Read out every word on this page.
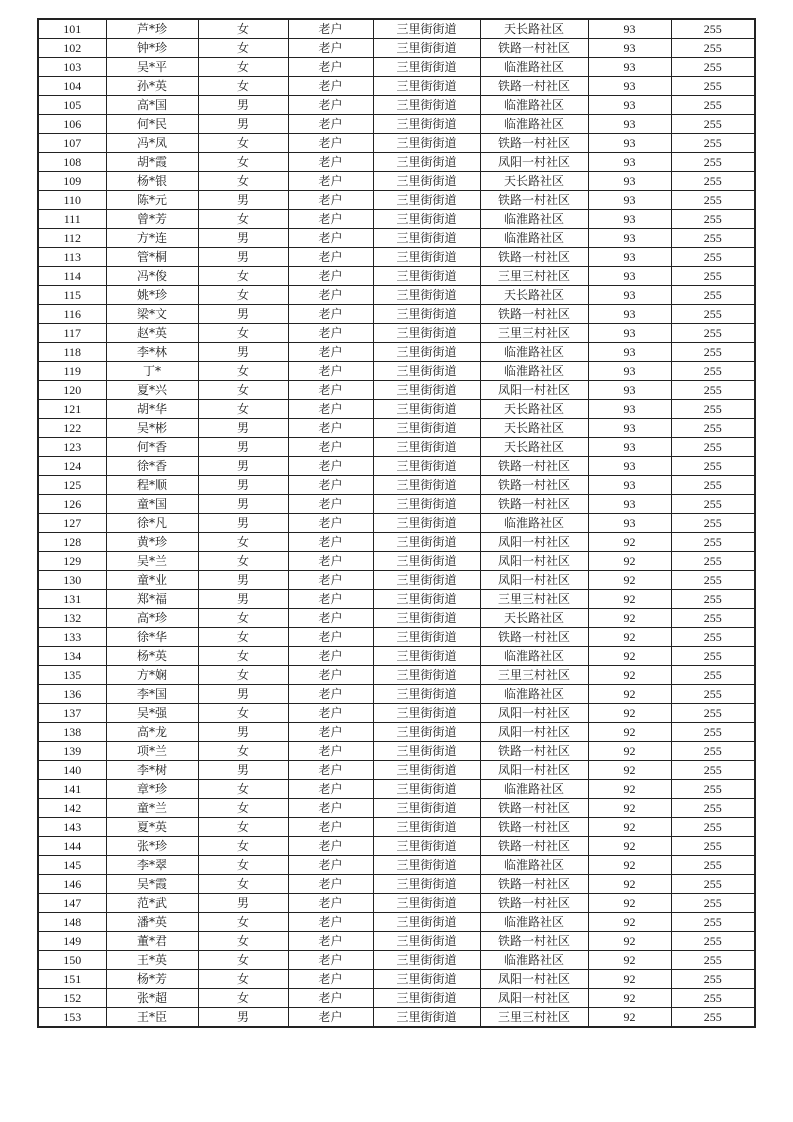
101	芦*珍	女	老户	三里街街道	天长路社区	93	255
102	钟*珍	女	老户	三里街街道	铁路一村社区	93	255
103	吴*平	女	老户	三里街街道	临淮路社区	93	255
104	孙*英	女	老户	三里街街道	铁路一村社区	93	255
105	高*国	男	老户	三里街街道	临淮路社区	93	255
106	何*民	男	老户	三里街街道	临淮路社区	93	255
107	冯*凤	女	老户	三里街街道	铁路一村社区	93	255
108	胡*霞	女	老户	三里街街道	凤阳一村社区	93	255
109	杨*银	女	老户	三里街街道	天长路社区	93	255
110	陈*元	男	老户	三里街街道	铁路一村社区	93	255
111	曾*芳	女	老户	三里街街道	临淮路社区	93	255
112	方*连	男	老户	三里街街道	临淮路社区	93	255
113	管*桐	男	老户	三里街街道	铁路一村社区	93	255
114	冯*俊	女	老户	三里街街道	三里三村社区	93	255
115	姚*珍	女	老户	三里街街道	天长路社区	93	255
116	梁*文	男	老户	三里街街道	铁路一村社区	93	255
117	赵*英	女	老户	三里街街道	三里三村社区	93	255
118	李*林	男	老户	三里街街道	临淮路社区	93	255
119	丁*	女	老户	三里街街道	临淮路社区	93	255
120	夏*兴	女	老户	三里街街道	凤阳一村社区	93	255
121	胡*华	女	老户	三里街街道	天长路社区	93	255
122	吴*彬	男	老户	三里街街道	天长路社区	93	255
123	何*香	男	老户	三里街街道	天长路社区	93	255
124	徐*香	男	老户	三里街街道	铁路一村社区	93	255
125	程*顺	男	老户	三里街街道	铁路一村社区	93	255
126	童*国	男	老户	三里街街道	铁路一村社区	93	255
127	徐*凡	男	老户	三里街街道	临淮路社区	93	255
128	黄*珍	女	老户	三里街街道	凤阳一村社区	92	255
129	吴*兰	女	老户	三里街街道	凤阳一村社区	92	255
130	童*业	男	老户	三里街街道	凤阳一村社区	92	255
131	郑*福	男	老户	三里街街道	三里三村社区	92	255
132	高*珍	女	老户	三里街街道	天长路社区	92	255
133	徐*华	女	老户	三里街街道	铁路一村社区	92	255
134	杨*英	女	老户	三里街街道	临淮路社区	92	255
135	方*娴	女	老户	三里街街道	三里三村社区	92	255
136	李*国	男	老户	三里街街道	临淮路社区	92	255
137	吴*强	女	老户	三里街街道	凤阳一村社区	92	255
138	高*龙	男	老户	三里街街道	凤阳一村社区	92	255
139	项*兰	女	老户	三里街街道	铁路一村社区	92	255
140	李*树	男	老户	三里街街道	凤阳一村社区	92	255
141	章*珍	女	老户	三里街街道	临淮路社区	92	255
142	童*兰	女	老户	三里街街道	铁路一村社区	92	255
143	夏*英	女	老户	三里街街道	铁路一村社区	92	255
144	张*珍	女	老户	三里街街道	铁路一村社区	92	255
145	李*翠	女	老户	三里街街道	临淮路社区	92	255
146	吴*霞	女	老户	三里街街道	铁路一村社区	92	255
147	范*武	男	老户	三里街街道	铁路一村社区	92	255
148	潘*英	女	老户	三里街街道	临淮路社区	92	255
149	董*君	女	老户	三里街街道	铁路一村社区	92	255
150	王*英	女	老户	三里街街道	临淮路社区	92	255
151	杨*芳	女	老户	三里街街道	凤阳一村社区	92	255
152	张*超	女	老户	三里街街道	凤阳一村社区	92	255
153	王*臣	男	老户	三里街街道	三里三村社区	92	255
